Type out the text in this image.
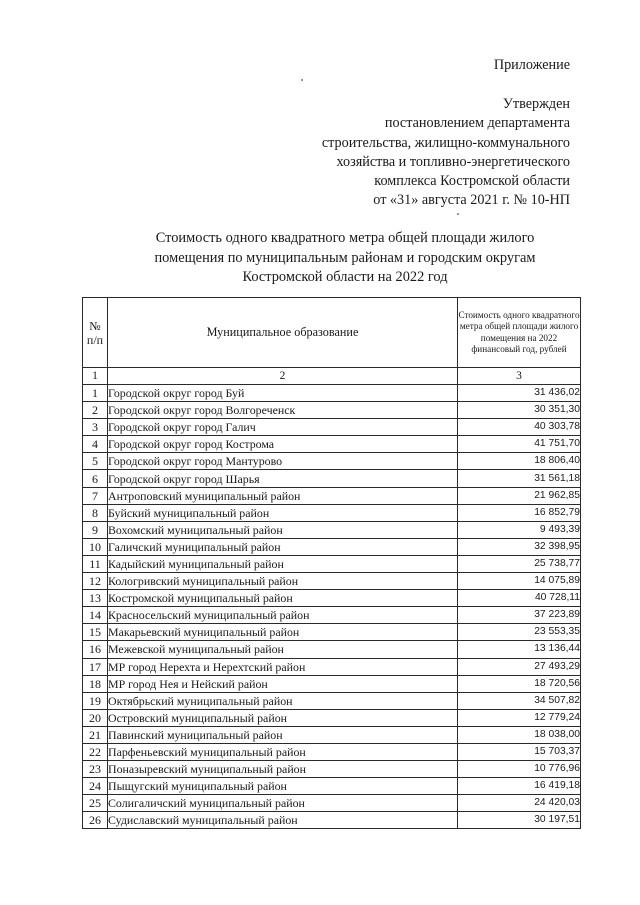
Приложение
Утвержден
постановлением департамента
строительства, жилищно-коммунального
хозяйства и топливно-энергетического
комплекса Костромской области
от «31» августа 2021 г. № 10-НП
Стоимость одного квадратного метра общей площади жилого
помещения по муниципальным районам и городским округам
Костромской области на 2022 год
№
п/п	Муниципальное образование	Стоимость одного квадратного метра общей площади жилого помещения на 2022 финансовый год, рублей
1	2	3
1	Городской округ город Буй	31 436,02
2	Городской округ город Волгореченск	30 351,30
3	Городской округ город Галич	40 303,78
4	Городской округ город Кострома	41 751,70
5	Городской округ город Мантурово	18 806,40
6	Городской округ город Шарья	31 561,18
7	Антроповский муниципальный район	21 962,85
8	Буйский муниципальный район	16 852,79
9	Вохомский муниципальный район	9 493,39
10	Галичский муниципальный район	32 398,95
11	Кадыйский муниципальный район	25 738,77
12	Кологривский муниципальный район	14 075,89
13	Костромской муниципальный район	40 728,11
14	Красносельский муниципальный район	37 223,89
15	Макарьевский муниципальный район	23 553,35
16	Межевской муниципальный район	13 136,44
17	МР город Нерехта и Нерехтский район	27 493,29
18	МР город Нея и Нейский район	18 720,56
19	Октябрьский муниципальный район	34 507,82
20	Островский муниципальный район	12 779,24
21	Павинский муниципальный район	18 038,00
22	Парфеньевский муниципальный район	15 703,37
23	Поназыревский муниципальный район	10 776,96
24	Пыщугский муниципальный район	16 419,18
25	Солигаличский муниципальный район	24 420,03
26	Судиславский муниципальный район	30 197,51
